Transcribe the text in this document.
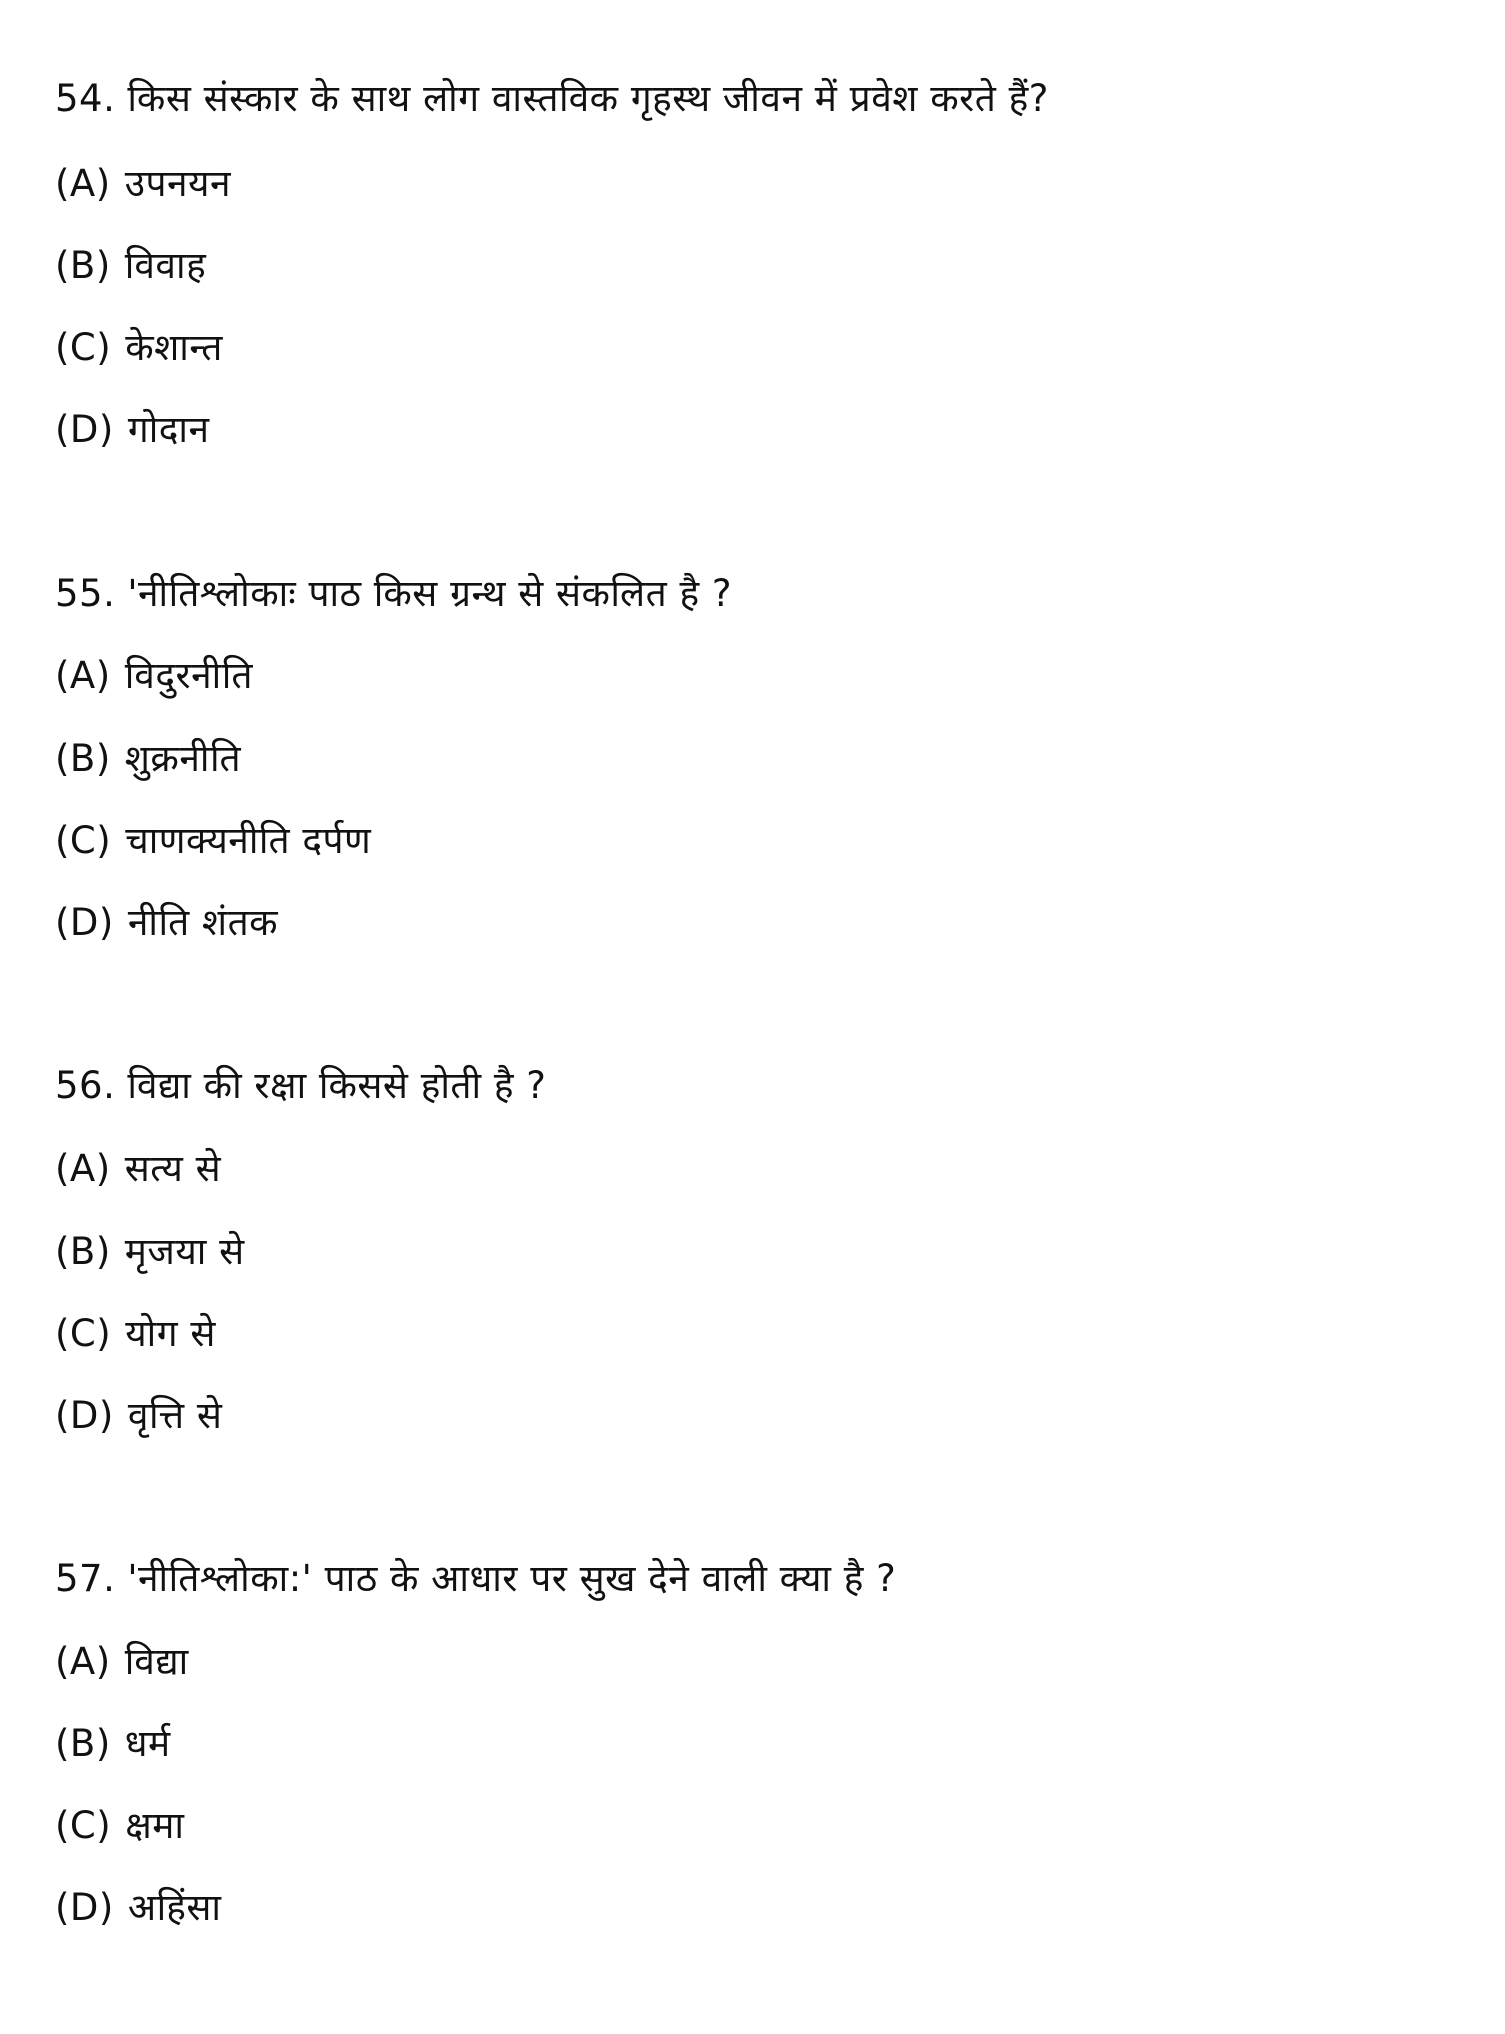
54. किस संस्कार के साथ लोग वास्तविक गृहस्थ जीवन में प्रवेश करते हैं?
(A) उपनयन
(B) विवाह
(C) केशान्त
(D) गोदान
55. 'नीतिश्लोकाः पाठ किस ग्रन्थ से संकलित है ?
(A) विदुरनीति
(B) शुक्रनीति
(C) चाणक्यनीति दर्पण
(D) नीति शंतक
56. विद्या की रक्षा किससे होती है ?
(A) सत्य से
(B) मृजया से
(C) योग से
(D) वृत्ति से
57. 'नीतिश्लोका:' पाठ के आधार पर सुख देने वाली क्या है ?
(A) विद्या
(B) धर्म
(C) क्षमा
(D) अहिंसा
